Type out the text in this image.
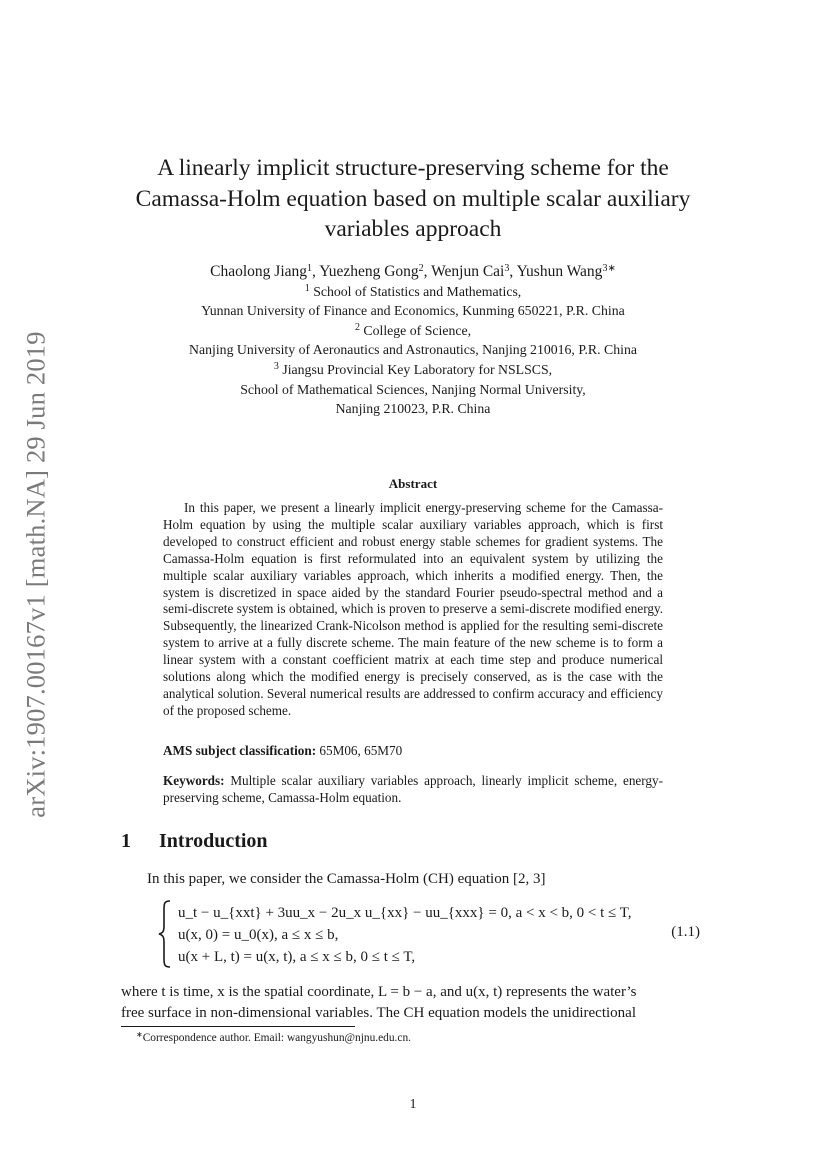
arXiv:1907.00167v1 [math.NA] 29 Jun 2019
A linearly implicit structure-preserving scheme for the
Camassa-Holm equation based on multiple scalar auxiliary
variables approach
Chaolong Jiang$^1$, Yuezheng Gong$^2$, Wenjun Cai$^3$, Yushun Wang$^{3∗}$
$^1$ School of Statistics and Mathematics,
Yunnan University of Finance and Economics, Kunming 650221, P.R. China
$^2$ College of Science,
Nanjing University of Aeronautics and Astronautics, Nanjing 210016, P.R. China
$^3$ Jiangsu Provincial Key Laboratory for NSLSCS,
School of Mathematical Sciences, Nanjing Normal University,
Nanjing 210023, P.R. China
Abstract
In this paper, we present a linearly implicit energy-preserving scheme for the Camassa-Holm equation by using the multiple scalar auxiliary variables approach, which is first developed to construct efficient and robust energy stable schemes for gradient systems. The Camassa-Holm equation is first reformulated into an equivalent system by utilizing the multiple scalar auxiliary variables approach, which inherits a modified energy. Then, the system is discretized in space aided by the standard Fourier pseudo-spectral method and a semi-discrete system is obtained, which is proven to preserve a semi-discrete modified energy. Subsequently, the linearized Crank-Nicolson method is applied for the resulting semi-discrete system to arrive at a fully discrete scheme. The main feature of the new scheme is to form a linear system with a constant coefficient matrix at each time step and produce numerical solutions along which the modified energy is precisely conserved, as is the case with the analytical solution. Several numerical results are addressed to confirm accuracy and efficiency of the proposed scheme.
AMS subject classification: 65M06, 65M70
Keywords: Multiple scalar auxiliary variables approach, linearly implicit scheme, energy-preserving scheme, Camassa-Holm equation.
1 Introduction
In this paper, we consider the Camassa-Holm (CH) equation [2, 3]
u_t − u_{xxt} + 3uu_x − 2u_x u_{xx} − uu_{xxx} = 0, a < x < b, 0 < t ≤ T,
u(x, 0) = u_0(x), a ≤ x ≤ b,
u(x + L, t) = u(x, t), a ≤ x ≤ b, 0 ≤ t ≤ T,
(1.1)
where t is time, x is the spatial coordinate, L = b − a, and u(x, t) represents the water’s
free surface in non-dimensional variables. The CH equation models the unidirectional
∗Correspondence author. Email: wangyushun@njnu.edu.cn.
1
